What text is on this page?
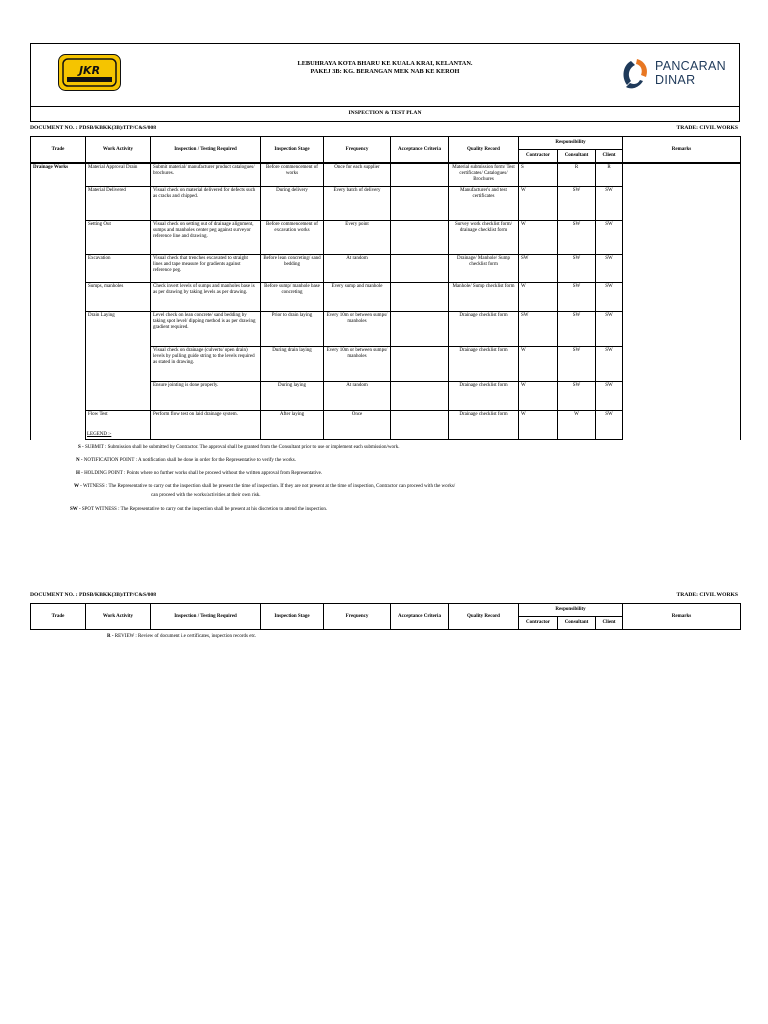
JKR
LEBUHRAYA KOTA BHARU KE KUALA KRAI, KELANTAN.
PAKEJ 3B: KG. BERANGAN MEK NAB KE KEROH	PANCARAN
DINAR
INSPECTION & TEST PLAN
DOCUMENT NO. : PDSB/KBKK(3B)/ITP/C&S/008	TRADE: CIVIL WORKS
Trade	Work Activity	Inspection / Testing Required	Inspection Stage	Frequency	Acceptance Criteria	Quality Record	Responsibility			Remarks
							Contractor	Consultant	Client	
Drainage Works	Material Approval Drain	Submit material/ manufacturer product catalogues/ brochures.	Before commencement of works	Once for each supplier		Material submission form/ Test certificates/ Catalogues/ Brochures	S	R	R	
	Material Delivered	Visual check on material delivered for defects such as cracks and chipped.	During delivery	Every batch of delivery		Manufacturer's and test certificates	W	SW	SW	
	Setting Out	Visual check on setting out of drainage alignment, sumps and manholes center peg against surveyor reference line and drawing.	Before commencement of excavation works	Every point		Survey work checklist form/ drainage checklist form	W	SW	SW	
	Excavation	Visual check that trenches excavated to straight lines and tape measure for gradients against reference peg.	Before lean concreting/ sand bedding	At random		Drainage/ Manhole/ Sump checklist form	SW	SW	SW	
	Sumps, manholes	Check invert levels of sumps and manholes base is as per drawing by taking levels as per drawing.	Before sump/ manhole base concreting	Every sump and manhole		Manhole/ Sump checklist form	W	SW	SW	
	Drain Laying	Level check on lean concrete/ sand bedding by taking spot level/ dipping method is as per drawing gradient required.	Prior to drain laying	Every 10m or between sumps/ manholes		Drainage checklist form	SW	SW	SW	
		Visual check on drainage (culverts/ open drain) levels by pulling guide string to the levels required as stated in drawing.	During drain laying	Every 10m or between sumps/ manholes		Drainage checklist form	W	SW	SW	
		Ensure jointing is done properly.	During laying	At random		Drainage checklist form	W	SW	SW	
	Flow Test	Perform flow test on laid drainage system.	After laying	Once		Drainage checklist form	W	W	SW	
LEGEND :-
S - SUBMIT : Submission shall be submitted by Contractor. The approval shall be granted from the Consultant prior to use or implement each submission/work.
N - NOTIFICATION POINT : A notification shall be done in order for the Representative to verify the works.
H - HOLDING POINT : Points where no further works shall be proceed without the written approval from Representative.
W - WITNESS : The Representative to carry out the inspection shall be present the time of inspection. If they are not present at the time of inspection, Contractor can proceed with the works/
can proceed with the works/activities at their own risk.
SW - SPOT WITNESS : The Representative to carry out the inspection shall be present at his discretion to attend the inspection.
DOCUMENT NO. : PDSB/KBKK(3B)/ITP/C&S/008	TRADE: CIVIL WORKS
Trade	Work Activity	Inspection / Testing Required	Inspection Stage	Frequency	Acceptance Criteria	Quality Record	Responsibility			Remarks
							Contractor	Consultant	Client	
R - REVIEW : Review of document i.e certificates, inspection records etc.
